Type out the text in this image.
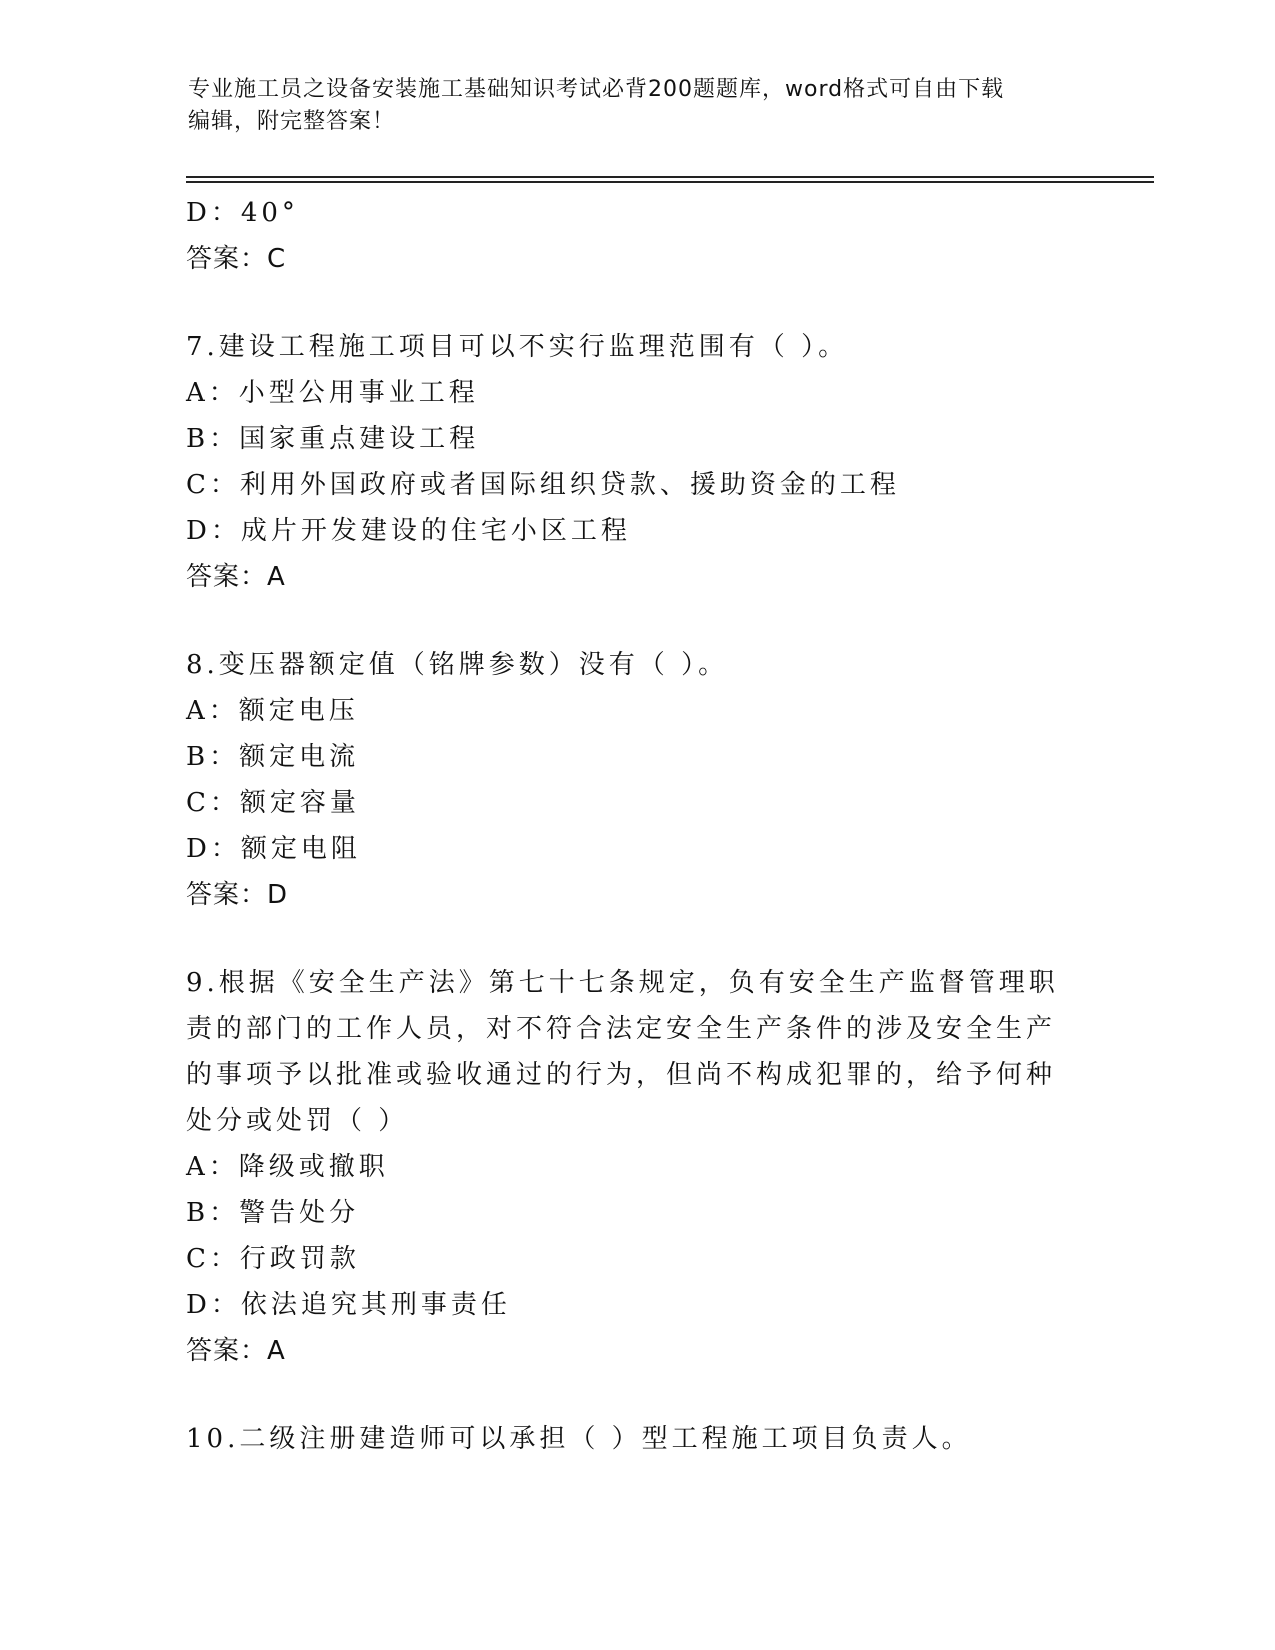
专业施工员之设备安装施工基础知识考试必背200题题库，word格式可自由下载
编辑，附完整答案！
D：40°
答案：C
7.建设工程施工项目可以不实行监理范围有（ ）。
A：小型公用事业工程
B：国家重点建设工程
C：利用外国政府或者国际组织贷款、援助资金的工程
D：成片开发建设的住宅小区工程
答案：A
8.变压器额定值（铭牌参数）没有（ ）。
A：额定电压
B：额定电流
C：额定容量
D：额定电阻
答案：D
9.根据《安全生产法》第七十七条规定，负有安全生产监督管理职责的部门的工作人员，对不符合法定安全生产条件的涉及安全生产的事项予以批准或验收通过的行为，但尚不构成犯罪的，给予何种处分或处罚（ ）
A：降级或撤职
B：警告处分
C：行政罚款
D：依法追究其刑事责任
答案：A
10.二级注册建造师可以承担（ ）型工程施工项目负责人。
